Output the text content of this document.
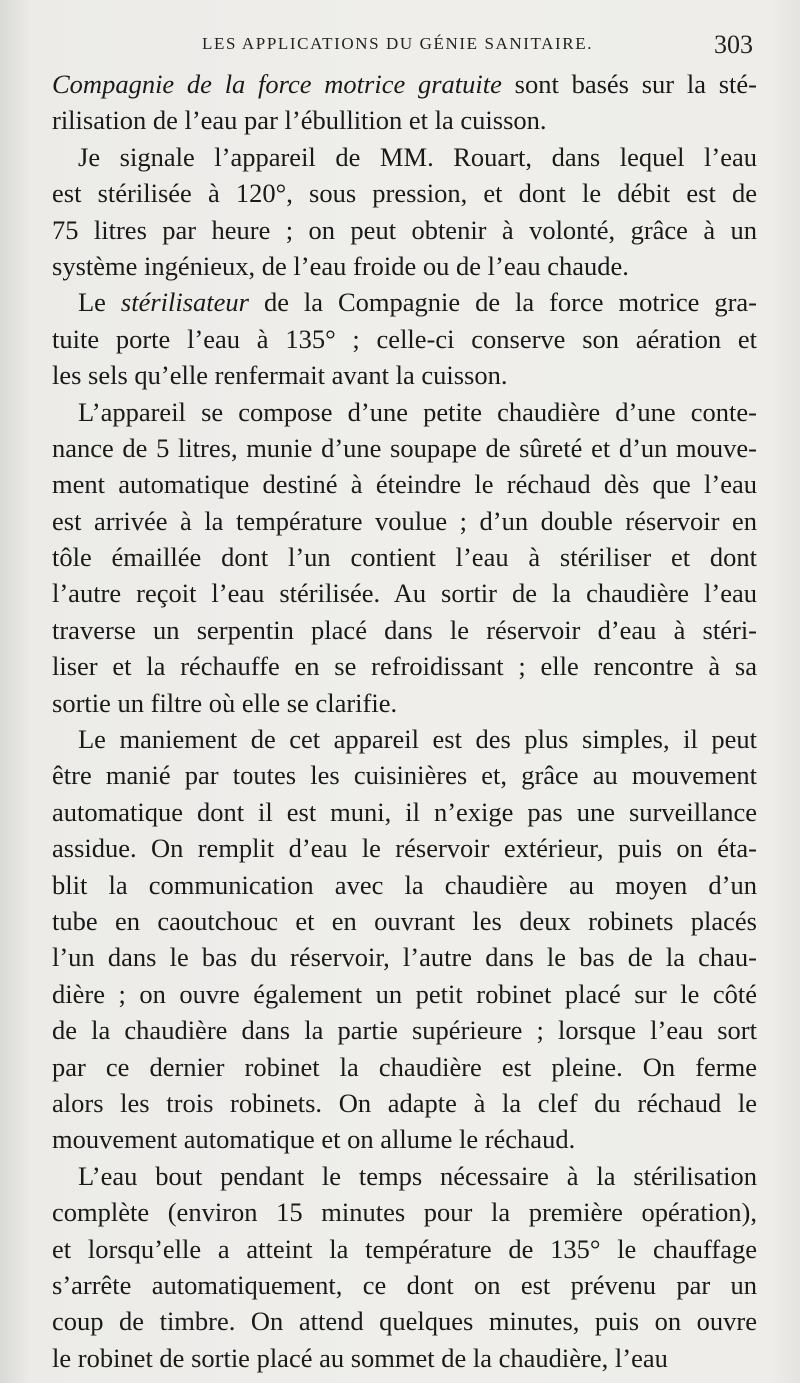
LES APPLICATIONS DU GÉNIE SANITAIRE.	303
Compagnie de la force motrice gratuite sont basés sur la sté-
rilisation de l’eau par l’ébullition et la cuisson.
Je signale l’appareil de MM. Rouart, dans lequel l’eau
est stérilisée à 120°, sous pression, et dont le débit est de
75 litres par heure ; on peut obtenir à volonté, grâce à un
système ingénieux, de l’eau froide ou de l’eau chaude.
Le stérilisateur de la Compagnie de la force motrice gra-
tuite porte l’eau à 135° ; celle-ci conserve son aération et
les sels qu’elle renfermait avant la cuisson.
L’appareil se compose d’une petite chaudière d’une conte-
nance de 5 litres, munie d’une soupape de sûreté et d’un mouve-
ment automatique destiné à éteindre le réchaud dès que l’eau
est arrivée à la température voulue ; d’un double réservoir en
tôle émaillée dont l’un contient l’eau à stériliser et dont
l’autre reçoit l’eau stérilisée. Au sortir de la chaudière l’eau
traverse un serpentin placé dans le réservoir d’eau à stéri-
liser et la réchauffe en se refroidissant ; elle rencontre à sa
sortie un filtre où elle se clarifie.
Le maniement de cet appareil est des plus simples, il peut
être manié par toutes les cuisinières et, grâce au mouvement
automatique dont il est muni, il n’exige pas une surveillance
assidue. On remplit d’eau le réservoir extérieur, puis on éta-
blit la communication avec la chaudière au moyen d’un
tube en caoutchouc et en ouvrant les deux robinets placés
l’un dans le bas du réservoir, l’autre dans le bas de la chau-
dière ; on ouvre également un petit robinet placé sur le côté
de la chaudière dans la partie supérieure ; lorsque l’eau sort
par ce dernier robinet la chaudière est pleine. On ferme
alors les trois robinets. On adapte à la clef du réchaud le
mouvement automatique et on allume le réchaud.
L’eau bout pendant le temps nécessaire à la stérilisation
complète (environ 15 minutes pour la première opération),
et lorsqu’elle a atteint la température de 135° le chauffage
s’arrête automatiquement, ce dont on est prévenu par un
coup de timbre. On attend quelques minutes, puis on ouvre
le robinet de sortie placé au sommet de la chaudière, l’eau
